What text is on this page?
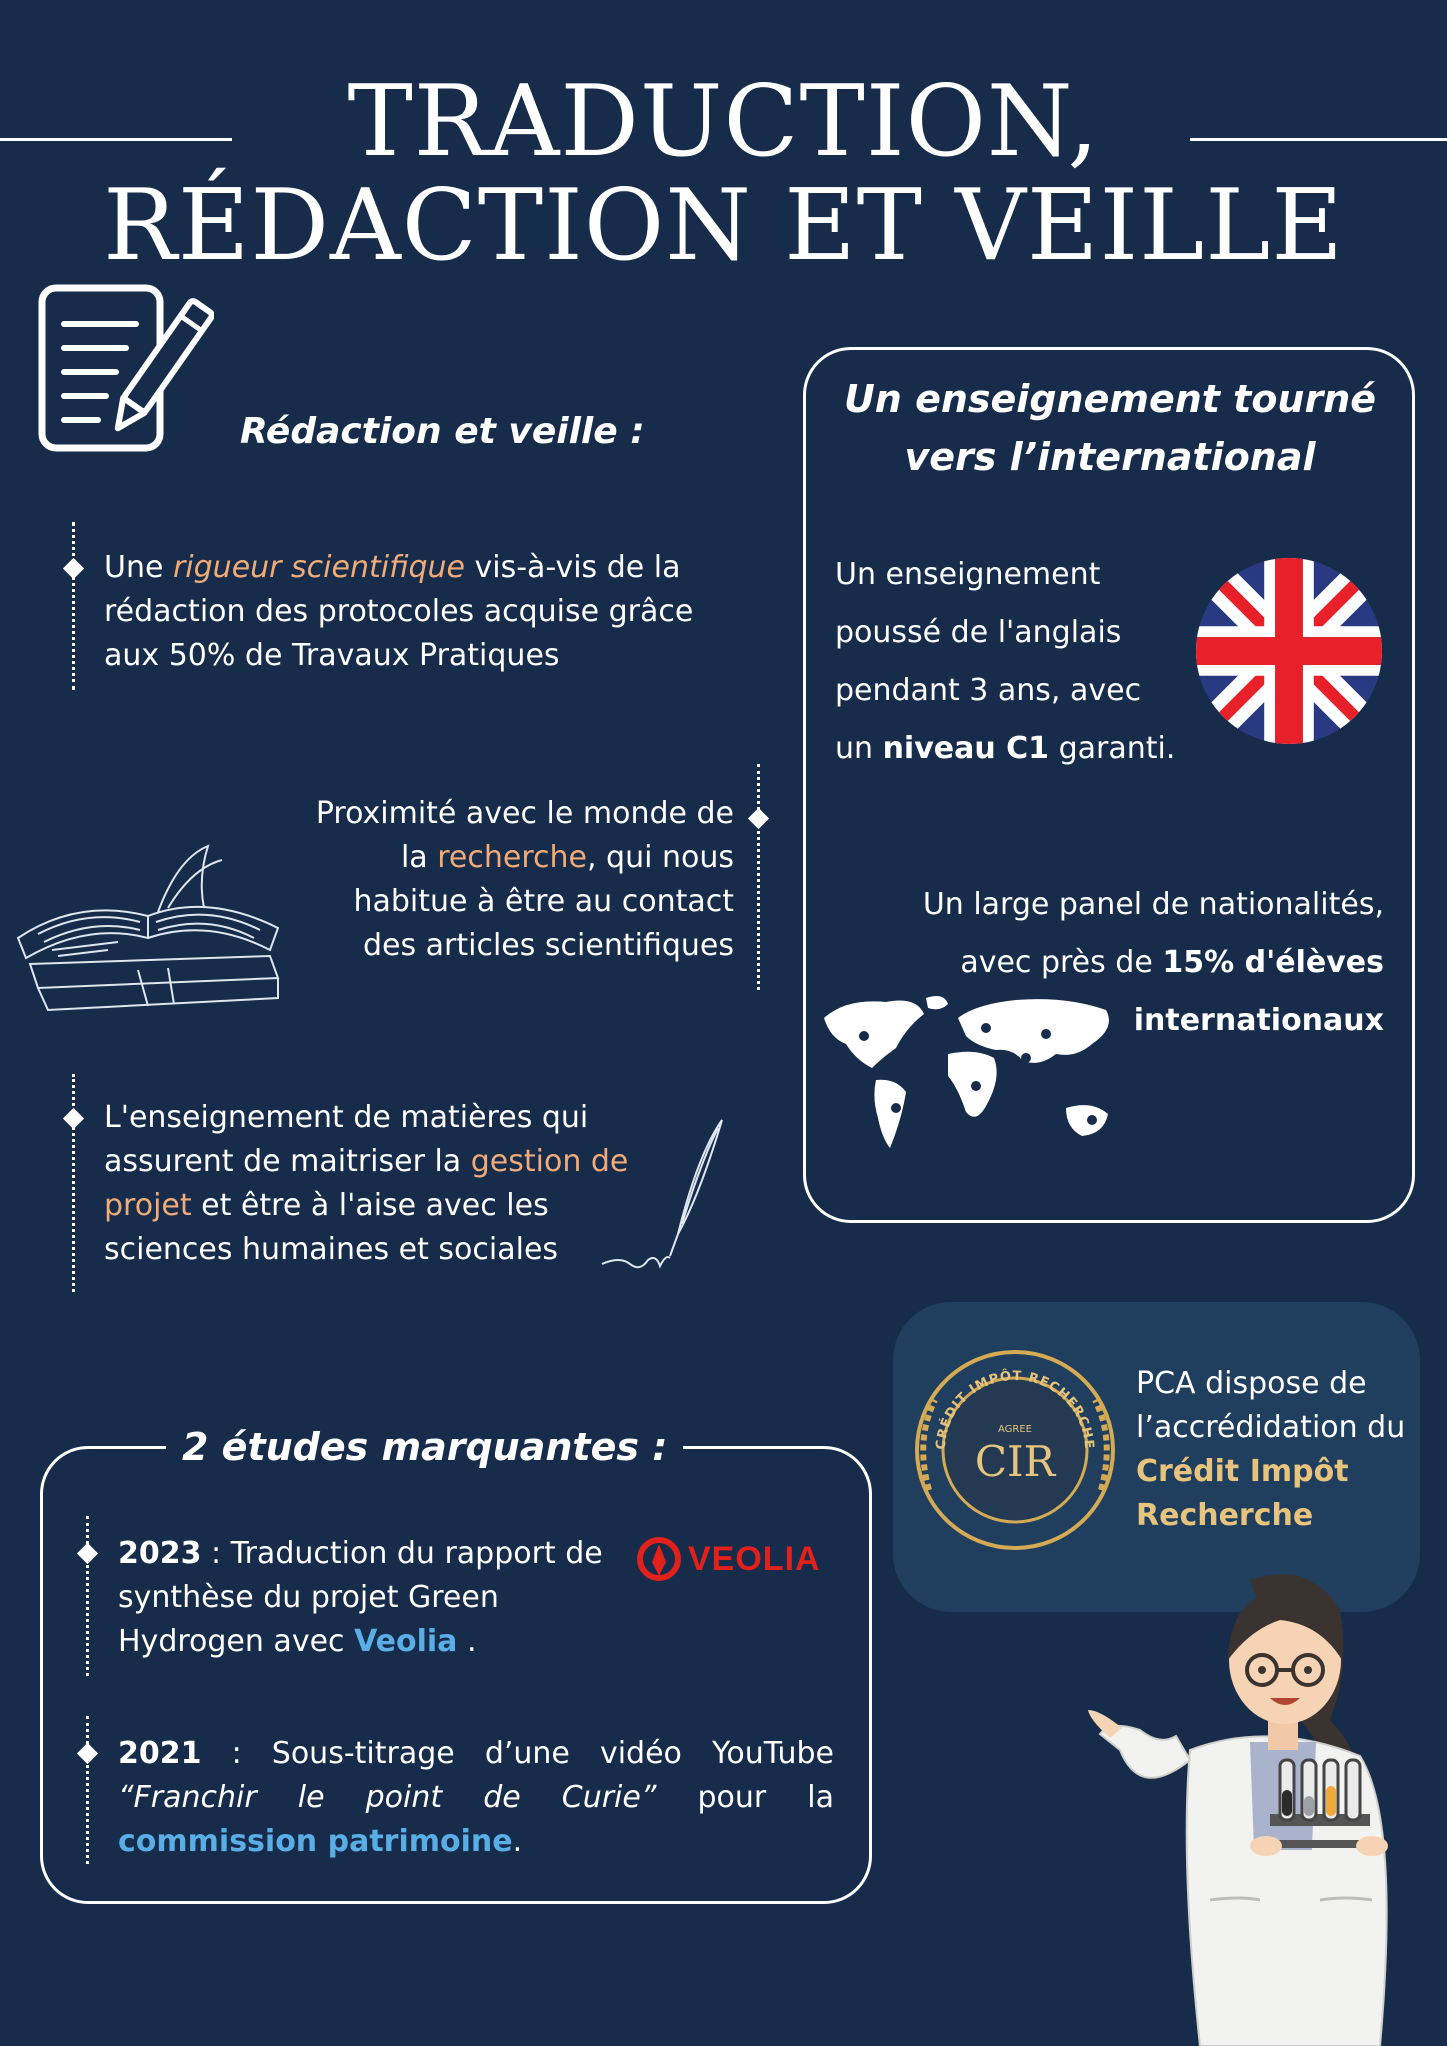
TRADUCTION,
RÉDACTION ET VEILLE
Rédaction et veille :
Une rigueur scientifique vis-à-vis de la rédaction des protocoles acquise grâce aux 50% de Travaux Pratiques
Proximité avec le monde de la recherche, qui nous habitue à être au contact des articles scientifiques
L'enseignement de matières qui assurent de maitriser la gestion de projet et être à l'aise avec les sciences humaines et sociales
Un enseignement tourné vers l’international
Un enseignement poussé de l'anglais pendant 3 ans, avec un niveau C1 garanti.
Un large panel de nationalités, avec près de 15% d'élèves internationaux
CRÉDIT IMPÔT RECHERCHE
AGREE
CIR
PCA dispose de l’accrédidation du Crédit Impôt Recherche
2 études marquantes :
2023 : Traduction du rapport de synthèse du projet Green Hydrogen avec Veolia .
VEOLIA
2021 : Sous-titrage d’une vidéo YouTube “Franchir le point de Curie” pour la commission patrimoine.
